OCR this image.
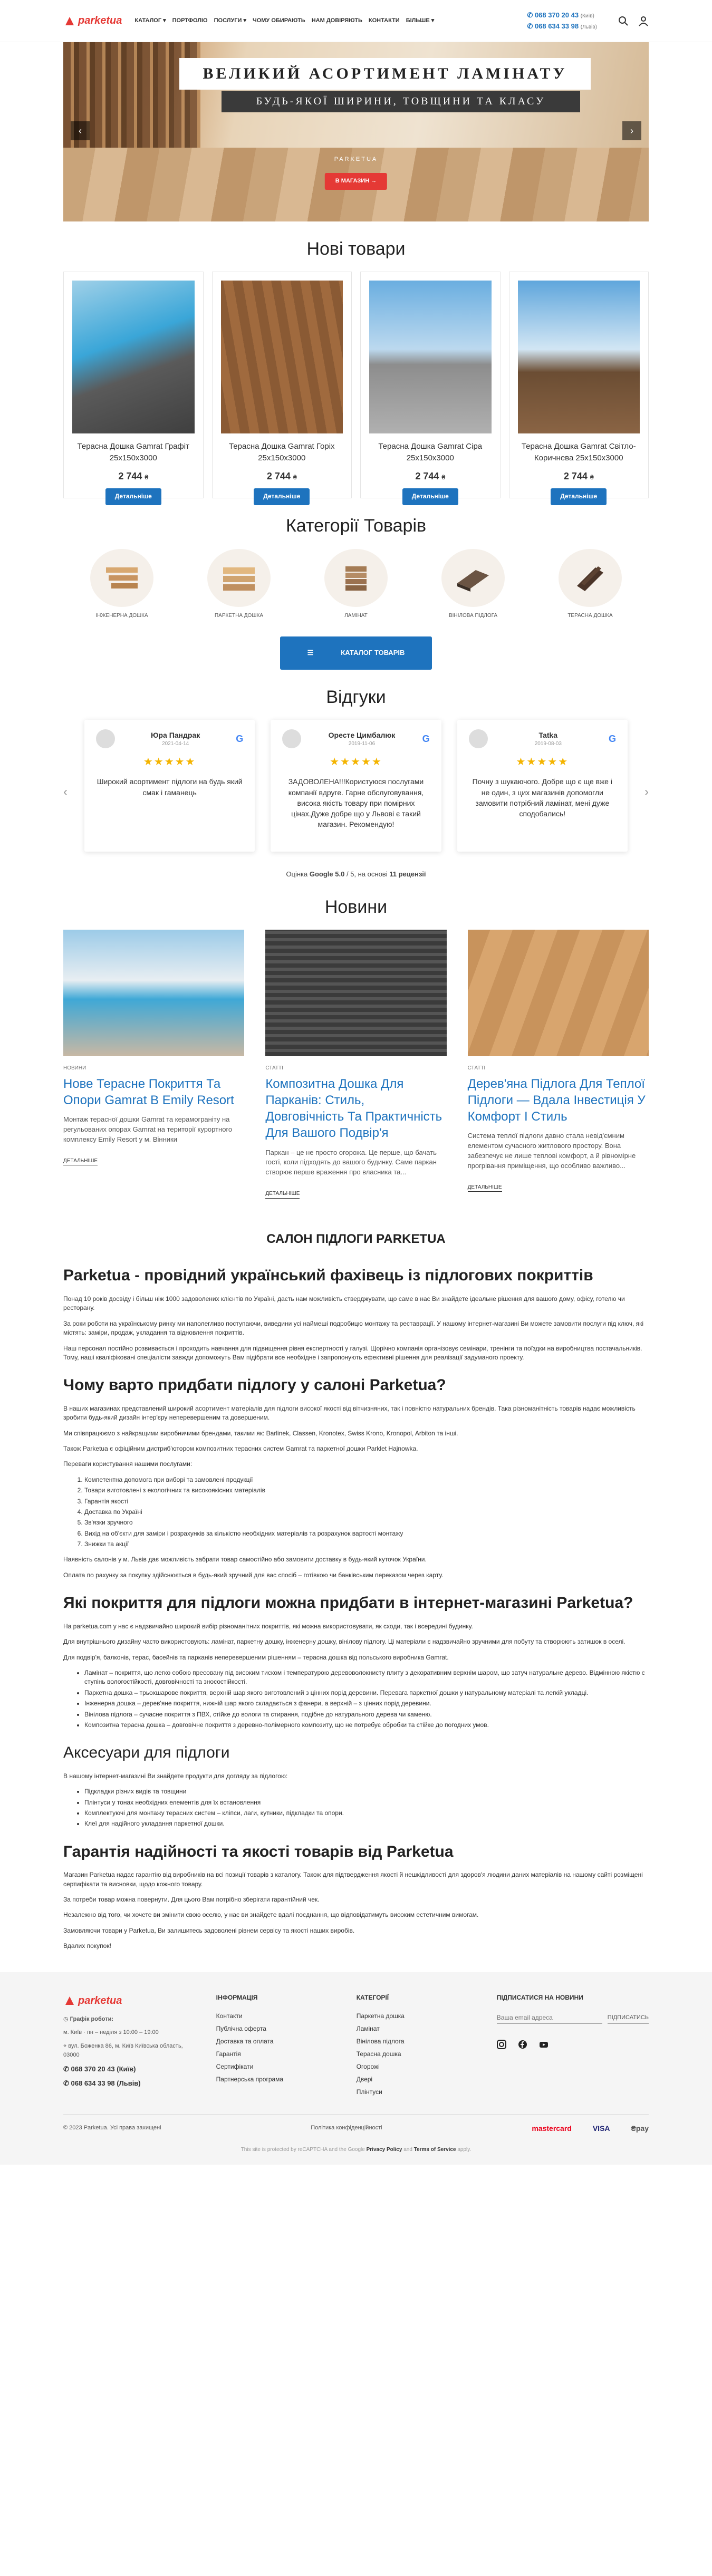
parketua КАТАЛОГ ▾ ПОРТФОЛІО ПОСЛУГИ ▾ ЧОМУ ОБИРАЮТЬ НАМ ДОВІРЯЮТЬ КОНТАКТИ БІЛЬШЕ ▾
✆ 068 370 20 43 (Київ)
✆ 068 634 33 98 (Львів)
ВЕЛИКИЙ АСОРТИМЕНТ ЛАМІНАТУ
БУДЬ-ЯКОЇ ШИРИНИ, ТОВЩИНИ ТА КЛАСУ
PARKETUA
В МАГАЗИН →
‹	›
Нові товари
Терасна Дошка Gamrat Графіт 25x150x3000
2 744 ₴
Детальніше
Терасна Дошка Gamrat Горіх 25x150x3000
2 744 ₴
Детальніше
Терасна Дошка Gamrat Сіра 25x150x3000
2 744 ₴
Детальніше
Терасна Дошка Gamrat Світло-Коричнева 25x150x3000
2 744 ₴
Детальніше
Категорії Товарів
ІНЖЕНЕРНА ДОШКА	ПАРКЕТНА ДОШКА	ЛАМІНАТ	ВІНІЛОВА ПІДЛОГА	ТЕРАСНА ДОШКА
☰	КАТАЛОГ ТОВАРІВ
Відгуки
‹
Юра Пандрак
2021-04-14	G
★★★★★
Широкий асортимент підлоги на будь який смак і гаманець
Оресте Цимбалюк
2019-11-06	G
★★★★★
ЗАДОВОЛЕНА!!!Користуюся послугами компанії вдруге. Гарне обслуговування, висока якість товару при помірних цінах.Дуже добре що у Львові є такий магазин. Рекомендую!
Tatka
2019-08-03	G
★★★★★
Почну з шукаючого. Добре що є ще вже і не один, з цих магазинів допомогли замовити потрібний ламінат, мені дуже сподобались!
›
Оцінка Google 5.0 / 5, на основі 11 рецензії
Новини
НОВИНИ
Нове Терасне Покриття Та Опори Gamrat В Emily Resort
Монтаж терасної дошки Gamrat та керамограніту на регульованих опорах Gamrat на території курортного комплексу Emily Resort у м. Вінники
ДЕТАЛЬНІШЕ
СТАТТІ
Композитна Дошка Для Парканів: Стиль, Довговічність Та Практичність Для Вашого Подвір'я
Паркан – це не просто огорожа. Це перше, що бачать гості, коли підходять до вашого будинку. Саме паркан створює перше враження про власника та...
ДЕТАЛЬНІШЕ
СТАТТІ
Дерев'яна Підлога Для Теплої Підлоги — Вдала Інвестиція У Комфорт І Стиль
Система теплої підлоги давно стала невід'ємним елементом сучасного житлового простору. Вона забезпечує не лише теплові комфорт, а й рівномірне прогрівання приміщення, що особливо важливо...
ДЕТАЛЬНІШЕ
САЛОН ПІДЛОГИ PARKETUA
Parketua - провідний український фахівець із підлогових покриттів

Понад 10 років досвіду і більш ніж 1000 задоволених клієнтів по Україні, даєть нам можливість стверджувати, що саме в нас Ви знайдете ідеальне рішення для вашого дому, офісу, готелю чи ресторану.

За роки роботи на українському ринку ми наполегливо поступаючи, виведини усі наймеші подробицю монтажу та реставрації. У нашому інтернет-магазині Ви можете замовити послуги під ключ, які містять: заміри, продаж, укладання та відновлення покриттів.

Наш персонал постійно розвивається і проходить навчання для підвищення рівня експертності у галузі. Щорічно компанія організовує семінари, тренінги та поїздки на виробництва постачальників. Тому, наші кваліфіковані спеціалісти завжди допоможуть Вам підібрати все необхідне і запропонують ефективні рішення для реалізації задуманого проекту.

Чому варто придбати підлогу у салоні Parketua?

В наших магазинах представлений широкий асортимент матеріалів для підлоги високої якості від вітчизняних, так і повністю натуральних брендів. Така різноманітність товарів надає можливість зробити будь-який дизайн інтер'єру неперевершеним та довершеним.

Ми співпрацюємо з найкращими виробничими брендами, такими як: Barlinek, Classen, Kronotex, Swiss Krono, Kronopol, Arbiton та інші.

Також Parketua є офіційним дистриб'ютором композитних терасних систем Gamrat та паркетної дошки Parklet Hajnowka.

Переваги користування нашими послугами:

1. Компетентна допомога при виборі та замовлені продукції
2. Товари виготовлені з екологічних та високоякісних матеріалів
3. Гарантія якості
4. Доставка по Україні
5. Зв'язки зручного
6. Вихід на об'єкти для заміри і розрахунків за кількістю необхідних матеріалів та розрахунок вартості монтажу
7. Знижки та акції

Наявність салонів у м. Львів дає можливість забрати товар самостійно або замовити доставку в будь-який куточок України.

Оплата по рахунку за покупку здійснюється в будь-який зручний для вас спосіб – готівкою чи банківським переказом через карту.

Які покриття для підлоги можна придбати в інтернет-магазині Parketua?

На parketua.com у нас є надзвичайно широкий вибір різноманітних покриттів, які можна використовувати, як сходи, так і всередині будинку.

Для внутрішнього дизайну часто використовують: ламінат, паркетну дошку, інженерну дошку, вінілову підлогу. Ці матеріали є надзвичайно зручними для побуту та створюють затишок в оселі.

Для подвір'я, балконів, терас, басейнів та парканів неперевершеним рішенням – терасна дошка від польського виробника Gamrat.

• Ламінат – покриття, що легко собою пресовану під високим тиском і температурою деревоволокнисту плиту з декоративним верхнім шаром, що затуч натуральне дерево. Відмінною якістю є ступінь вологостійкості, довговічності та зносостійкості.
• Паркетна дошка – трьохшарове покриття, верхній шар якого виготовлений з цінних порід деревини. Перевага паркетної дошки у натуральному матеріалі та легкій укладці.
• Інженерна дошка – дерев'яне покриття, нижній шар якого складається з фанери, а верхній – з цінних порід деревини.
• Вінілова підлога – сучасне покриття з ПВХ, стійке до вологи та стирання, подібне до натурального дерева чи каменю.
• Композитна терасна дошка – довговічне покриття з деревно-полімерного композиту, що не потребує обробки та стійке до погодних умов.
Аксесуари для підлоги

В нашому інтернет-магазині Ви знайдете продукти для догляду за підлогою:

• Підкладки різних видів та товщини
• Плінтуси у тонах необхідних елементів для їх встановлення
• Комплектуючі для монтажу терасних систем – кліпси, лаги, кутники, підкладки та опори.
• Клеї для надійного укладання паркетної дошки.
Гарантія надійності та якості товарів від Parketua

Магазин Parketua надає гарантію від виробників на всі позиції товарів з каталогу. Також для підтвердження якості й нешкідливості для здоров'я людини даних матеріалів на нашому сайті розміщені сертифікати та висновки, щодо кожного товару.

За потреби товар можна повернути. Для цього Вам потрібно зберігати гарантійний чек.

Незалежно від того, чи хочете ви змінити свою оселю, у нас ви знайдете вдалі поєднання, що відповідатимуть високим естетичним вимогам.

Замовляючи товари у Parketua, Ви залишитесь задоволені рівнем сервісу та якості наших виробів.

Вдалих покупок!

parketua
◷ Графік роботи:
м. Київ · пн – неділя з 10:00 – 19:00
⌖ вул. Боженка 86, м. Київ Київська область, 03000
✆ 068 370 20 43 (Київ)
✆ 068 634 33 98 (Львів)
ІНФОРМАЦІЯ
Контакти
Публічна оферта
Доставка та оплата
Гарантія
Сертифікати
Партнерська програма
КАТЕГОРІЇ
Паркетна дошка
Ламінат
Вінілова підлога
Терасна дошка
Огорожі
Двері
Плінтуси
ПІДПИСАТИСЯ НА НОВИНИ
Ваша email адреса
ПІДПИСАТИСЬ
© 2023 Parketua. Усі права захищені	Політика конфіденційності	mastercard	VISA	₴pay
This site is protected by reCAPTCHA and the Google Privacy Policy and Terms of Service apply.
